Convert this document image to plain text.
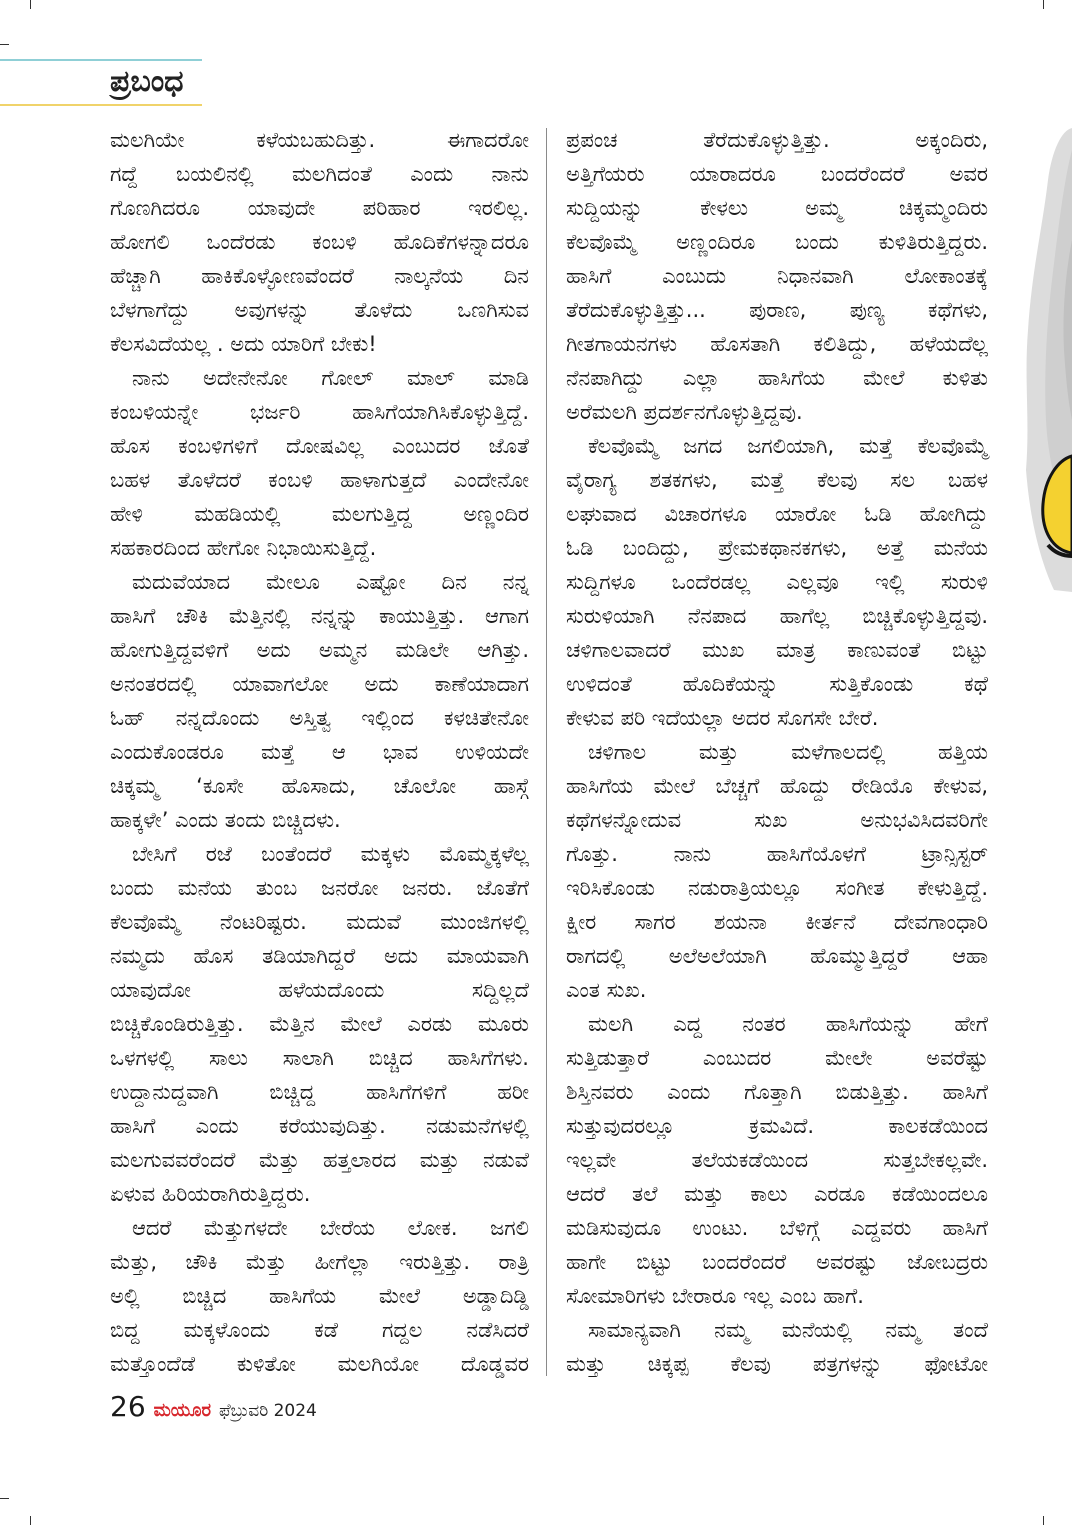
ಪ್ರಬಂಧ
ಮಲಗಿಯೇ ಕಳೆಯಬಹುದಿತ್ತು. ಈಗಾದರೋ
ಗದ್ದೆ ಬಯಲಿನಲ್ಲಿ ಮಲಗಿದಂತೆ ಎಂದು ನಾನು
ಗೊಣಗಿದರೂ ಯಾವುದೇ ಪರಿಹಾರ ಇರಲಿಲ್ಲ.
ಹೋಗಲಿ ಒಂದೆರಡು ಕಂಬಳಿ ಹೊದಿಕೆಗಳನ್ನಾದರೂ
ಹೆಚ್ಚಾಗಿ ಹಾಕಿಕೊಳ್ಳೋಣವೆಂದರೆ ನಾಲ್ಕನೆಯ ದಿನ
ಬೆಳಗಾಗೆದ್ದು ಅವುಗಳನ್ನು ತೊಳೆದು ಒಣಗಿಸುವ
ಕೆಲಸವಿದೆಯಲ್ಲ . ಅದು ಯಾರಿಗೆ ಬೇಕು!
ನಾನು ಅದೇನೇನೋ ಗೋಲ್ ಮಾಲ್ ಮಾಡಿ
ಕಂಬಳಿಯನ್ನೇ ಭರ್ಜರಿ ಹಾಸಿಗೆಯಾಗಿಸಿಕೊಳ್ಳುತ್ತಿದ್ದೆ.
ಹೊಸ ಕಂಬಳಿಗಳಿಗೆ ದೋಷವಿಲ್ಲ ಎಂಬುದರ ಜೊತೆ
ಬಹಳ ತೊಳೆದರೆ ಕಂಬಳಿ ಹಾಳಾಗುತ್ತದೆ ಎಂದೇನೋ
ಹೇಳಿ ಮಹಡಿಯಲ್ಲಿ ಮಲಗುತ್ತಿದ್ದ ಅಣ್ಣಂದಿರ
ಸಹಕಾರದಿಂದ ಹೇಗೋ ನಿಭಾಯಿಸುತ್ತಿದ್ದೆ.
ಮದುವೆಯಾದ ಮೇಲೂ ಎಷ್ಟೋ ದಿನ ನನ್ನ
ಹಾಸಿಗೆ ಚೌಕಿ ಮೆತ್ತಿನಲ್ಲಿ ನನ್ನನ್ನು ಕಾಯುತ್ತಿತ್ತು. ಆಗಾಗ
ಹೋಗುತ್ತಿದ್ದವಳಿಗೆ ಅದು ಅಮ್ಮನ ಮಡಿಲೇ ಆಗಿತ್ತು.
ಅನಂತರದಲ್ಲಿ ಯಾವಾಗಲೋ ಅದು ಕಾಣೆಯಾದಾಗ
ಓಹ್ ನನ್ನದೊಂದು ಅಸ್ತಿತ್ವ ಇಲ್ಲಿಂದ ಕಳಚಿತೇನೋ
ಎಂದುಕೊಂಡರೂ ಮತ್ತೆ ಆ ಭಾವ ಉಳಿಯದೇ
ಚಿಕ್ಕಮ್ಮ ‘ಕೂಸೇ ಹೊಸಾದು, ಚೊಲೋ ಹಾಸ್ಗೆ
ಹಾಕ್ಕಳೇ’ ಎಂದು ತಂದು ಬಿಚ್ಚಿದಳು.
ಬೇಸಿಗೆ ರಜೆ ಬಂತೆಂದರೆ ಮಕ್ಕಳು ಮೊಮ್ಮಕ್ಕಳೆಲ್ಲ
ಬಂದು ಮನೆಯ ತುಂಬ ಜನರೋ ಜನರು. ಜೊತೆಗೆ
ಕೆಲವೊಮ್ಮೆ ನೆಂಟರಿಷ್ಟರು. ಮದುವೆ ಮುಂಜಿಗಳಲ್ಲಿ
ನಮ್ಮದು ಹೊಸ ತಡಿಯಾಗಿದ್ದರೆ ಅದು ಮಾಯವಾಗಿ
ಯಾವುದೋ ಹಳೆಯದೊಂದು ಸದ್ದಿಲ್ಲದೆ
ಬಿಚ್ಚಿಕೊಂಡಿರುತ್ತಿತ್ತು. ಮೆತ್ತಿನ ಮೇಲೆ ಎರಡು ಮೂರು
ಒಳಗಳಲ್ಲಿ ಸಾಲು ಸಾಲಾಗಿ ಬಿಚ್ಚಿದ ಹಾಸಿಗೆಗಳು.
ಉದ್ದಾನುದ್ದವಾಗಿ ಬಿಚ್ಚಿದ್ದ ಹಾಸಿಗೆಗಳಿಗೆ ಹರೀ
ಹಾಸಿಗೆ ಎಂದು ಕರೆಯುವುದಿತ್ತು. ನಡುಮನೆಗಳಲ್ಲಿ
ಮಲಗುವವರೆಂದರೆ ಮೆತ್ತು ಹತ್ತಲಾರದ ಮತ್ತು ನಡುವೆ
ಏಳುವ ಹಿರಿಯರಾಗಿರುತ್ತಿದ್ದರು.
ಆದರೆ ಮೆತ್ತುಗಳದೇ ಬೇರೆಯ ಲೋಕ. ಜಗಲಿ
ಮೆತ್ತು, ಚೌಕಿ ಮೆತ್ತು ಹೀಗೆಲ್ಲಾ ಇರುತ್ತಿತ್ತು. ರಾತ್ರಿ
ಅಲ್ಲಿ ಬಿಚ್ಚಿದ ಹಾಸಿಗೆಯ ಮೇಲೆ ಅಡ್ಡಾದಿಡ್ಡಿ
ಬಿದ್ದ ಮಕ್ಕಳೊಂದು ಕಡೆ ಗದ್ದಲ ನಡೆಸಿದರೆ
ಮತ್ತೊಂದೆಡೆ ಕುಳಿತೋ ಮಲಗಿಯೋ ದೊಡ್ಡವರ
ಪ್ರಪಂಚ ತೆರೆದುಕೊಳ್ಳುತ್ತಿತ್ತು. ಅಕ್ಕಂದಿರು,
ಅತ್ತಿಗೆಯರು ಯಾರಾದರೂ ಬಂದರೆಂದರೆ ಅವರ
ಸುದ್ದಿಯನ್ನು ಕೇಳಲು ಅಮ್ಮ ಚಿಕ್ಕಮ್ಮಂದಿರು
ಕೆಲವೊಮ್ಮೆ ಅಣ್ಣಂದಿರೂ ಬಂದು ಕುಳಿತಿರುತ್ತಿದ್ದರು.
ಹಾಸಿಗೆ ಎಂಬುದು ನಿಧಾನವಾಗಿ ಲೋಕಾಂತಕ್ಕೆ
ತೆರೆದುಕೊಳ್ಳುತ್ತಿತ್ತು... ಪುರಾಣ, ಪುಣ್ಯ ಕಥೆಗಳು,
ಗೀತಗಾಯನಗಳು ಹೊಸತಾಗಿ ಕಲಿತಿದ್ದು, ಹಳೆಯದೆಲ್ಲ
ನೆನಪಾಗಿದ್ದು ಎಲ್ಲಾ ಹಾಸಿಗೆಯ ಮೇಲೆ ಕುಳಿತು
ಅರೆಮಲಗಿ ಪ್ರದರ್ಶನಗೊಳ್ಳುತ್ತಿದ್ದವು.
ಕೆಲವೊಮ್ಮೆ ಜಗದ ಜಗಲಿಯಾಗಿ, ಮತ್ತೆ ಕೆಲವೊಮ್ಮೆ
ವೈರಾಗ್ಯ ಶತಕಗಳು, ಮತ್ತೆ ಕೆಲವು ಸಲ ಬಹಳ
ಲಘುವಾದ ವಿಚಾರಗಳೂ ಯಾರೋ ಓಡಿ ಹೋಗಿದ್ದು
ಓಡಿ ಬಂದಿದ್ದು, ಪ್ರೇಮಕಥಾನಕಗಳು, ಅತ್ತೆ ಮನೆಯ
ಸುದ್ದಿಗಳೂ ಒಂದೆರಡಲ್ಲ ಎಲ್ಲವೂ ಇಲ್ಲಿ ಸುರುಳಿ
ಸುರುಳಿಯಾಗಿ ನೆನಪಾದ ಹಾಗೆಲ್ಲ ಬಿಚ್ಚಿಕೊಳ್ಳುತ್ತಿದ್ದವು.
ಚಳಿಗಾಲವಾದರೆ ಮುಖ ಮಾತ್ರ ಕಾಣುವಂತೆ ಬಿಟ್ಟು
ಉಳಿದಂತೆ ಹೊದಿಕೆಯನ್ನು ಸುತ್ತಿಕೊಂಡು ಕಥೆ
ಕೇಳುವ ಪರಿ ಇದೆಯಲ್ಲಾ ಅದರ ಸೊಗಸೇ ಬೇರೆ.
ಚಳಿಗಾಲ ಮತ್ತು ಮಳೆಗಾಲದಲ್ಲಿ ಹತ್ತಿಯ
ಹಾಸಿಗೆಯ ಮೇಲೆ ಬೆಚ್ಚಗೆ ಹೊದ್ದು ರೇಡಿಯೊ ಕೇಳುವ,
ಕಥೆಗಳನ್ನೋದುವ ಸುಖ ಅನುಭವಿಸಿದವರಿಗೇ
ಗೊತ್ತು. ನಾನು ಹಾಸಿಗೆಯೊಳಗೆ ಟ್ರಾನ್ಸಿಸ್ಟರ್
ಇರಿಸಿಕೊಂಡು ನಡುರಾತ್ರಿಯಲ್ಲೂ ಸಂಗೀತ ಕೇಳುತ್ತಿದ್ದೆ.
ಕ್ಷೀರ ಸಾಗರ ಶಯನಾ ಕೀರ್ತನೆ ದೇವಗಾಂಧಾರಿ
ರಾಗದಲ್ಲಿ ಅಲೆಅಲೆಯಾಗಿ ಹೊಮ್ಮುತ್ತಿದ್ದರೆ ಆಹಾ
ಎಂತ ಸುಖ.
ಮಲಗಿ ಎದ್ದ ನಂತರ ಹಾಸಿಗೆಯನ್ನು ಹೇಗೆ
ಸುತ್ತಿಡುತ್ತಾರೆ ಎಂಬುದರ ಮೇಲೇ ಅವರೆಷ್ಟು
ಶಿಸ್ತಿನವರು ಎಂದು ಗೊತ್ತಾಗಿ ಬಿಡುತ್ತಿತ್ತು. ಹಾಸಿಗೆ
ಸುತ್ತುವುದರಲ್ಲೂ ಕ್ರಮವಿದೆ. ಕಾಲಕಡೆಯಿಂದ
ಇಲ್ಲವೇ ತಲೆಯಕಡೆಯಿಂದ ಸುತ್ತಬೇಕಲ್ಲವೇ.
ಆದರೆ ತಲೆ ಮತ್ತು ಕಾಲು ಎರಡೂ ಕಡೆಯಿಂದಲೂ
ಮಡಿಸುವುದೂ ಉಂಟು. ಬೆಳಿಗ್ಗೆ ಎದ್ದವರು ಹಾಸಿಗೆ
ಹಾಗೇ ಬಿಟ್ಟು ಬಂದರೆಂದರೆ ಅವರಷ್ಟು ಜೋಬದ್ರರು
ಸೋಮಾರಿಗಳು ಬೇರಾರೂ ಇಲ್ಲ ಎಂಬ ಹಾಗೆ.
ಸಾಮಾನ್ಯವಾಗಿ ನಮ್ಮ ಮನೆಯಲ್ಲಿ ನಮ್ಮ ತಂದೆ
ಮತ್ತು ಚಿಕ್ಕಪ್ಪ ಕೆಲವು ಪತ್ರಗಳನ್ನು ಫೋಟೋ
26 ಮಯೂರ ಫೆಬ್ರುವರಿ 2024
